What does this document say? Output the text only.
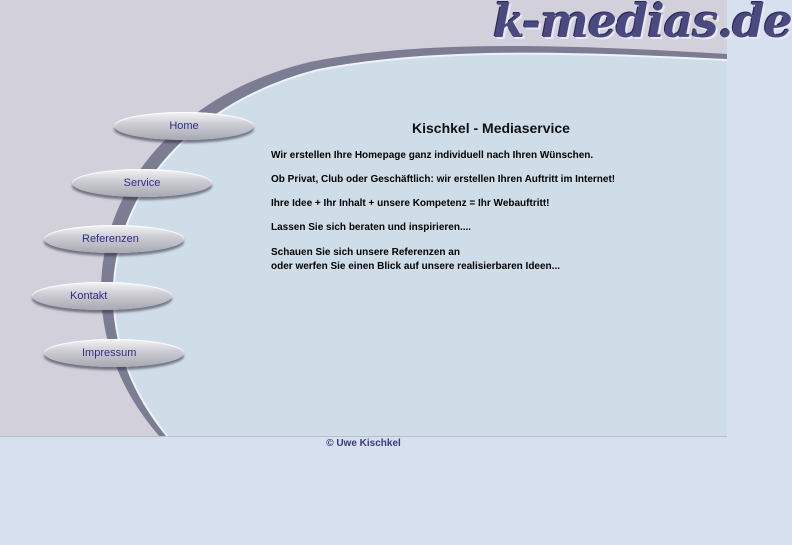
k-medias.de
Home
Service
Referenzen
Kontakt
Impressum
Kischkel - Mediaservice
Wir erstellen Ihre Homepage ganz individuell nach Ihren Wünschen.
Ob Privat, Club oder Geschäftlich: wir erstellen Ihren Auftritt im Internet!
Ihre Idee + Ihr Inhalt + unsere Kompetenz = Ihr Webauftritt!
Lassen Sie sich beraten und inspirieren....
Schauen Sie sich unsere Referenzen an
oder werfen Sie einen Blick auf unsere realisierbaren Ideen...
© Uwe Kischkel
